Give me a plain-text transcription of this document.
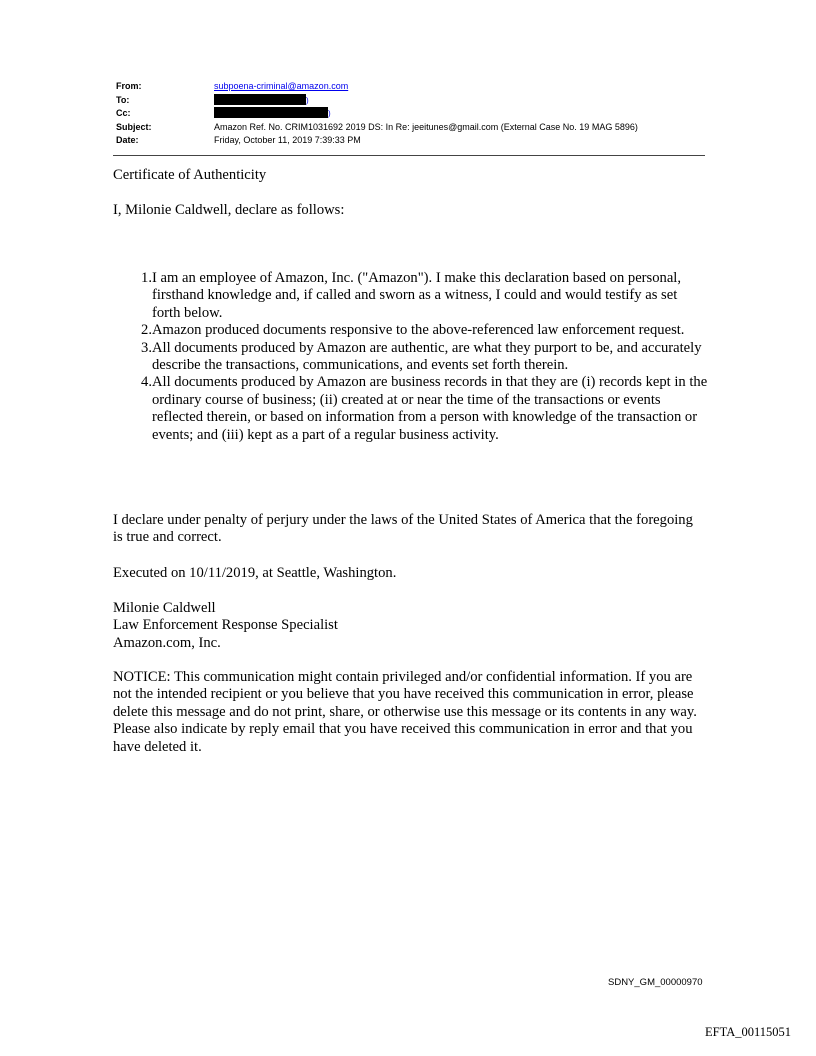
From:	subpoena-criminal@amazon.com
To:	)
Cc:	)
Subject:	Amazon Ref. No. CRIM1031692 2019 DS: In Re: jeeitunes@gmail.com (External Case No. 19 MAG 5896)
Date:	Friday, October 11, 2019 7:39:33 PM

Certificate of Authenticity

I, Milonie Caldwell, declare as follows:

1. I am an employee of Amazon, Inc. ("Amazon"). I make this declaration based on personal, firsthand knowledge and, if called and sworn as a witness, I could and would testify as set forth below.
2. Amazon produced documents responsive to the above-referenced law enforcement request.
3. All documents produced by Amazon are authentic, are what they purport to be, and accurately describe the transactions, communications, and events set forth therein.
4. All documents produced by Amazon are business records in that they are (i) records kept in the ordinary course of business; (ii) created at or near the time of the transactions or events reflected therein, or based on information from a person with knowledge of the transaction or events; and (iii) kept as a part of a regular business activity.

I declare under penalty of perjury under the laws of the United States of America that the foregoing is true and correct.

Executed on 10/11/2019, at Seattle, Washington.

Milonie Caldwell
Law Enforcement Response Specialist
Amazon.com, Inc.

NOTICE: This communication might contain privileged and/or confidential information. If you are not the intended recipient or you believe that you have received this communication in error, please delete this message and do not print, share, or otherwise use this message or its contents in any way. Please also indicate by reply email that you have received this communication in error and that you have deleted it.

SDNY_GM_00000970
EFTA_00115051
